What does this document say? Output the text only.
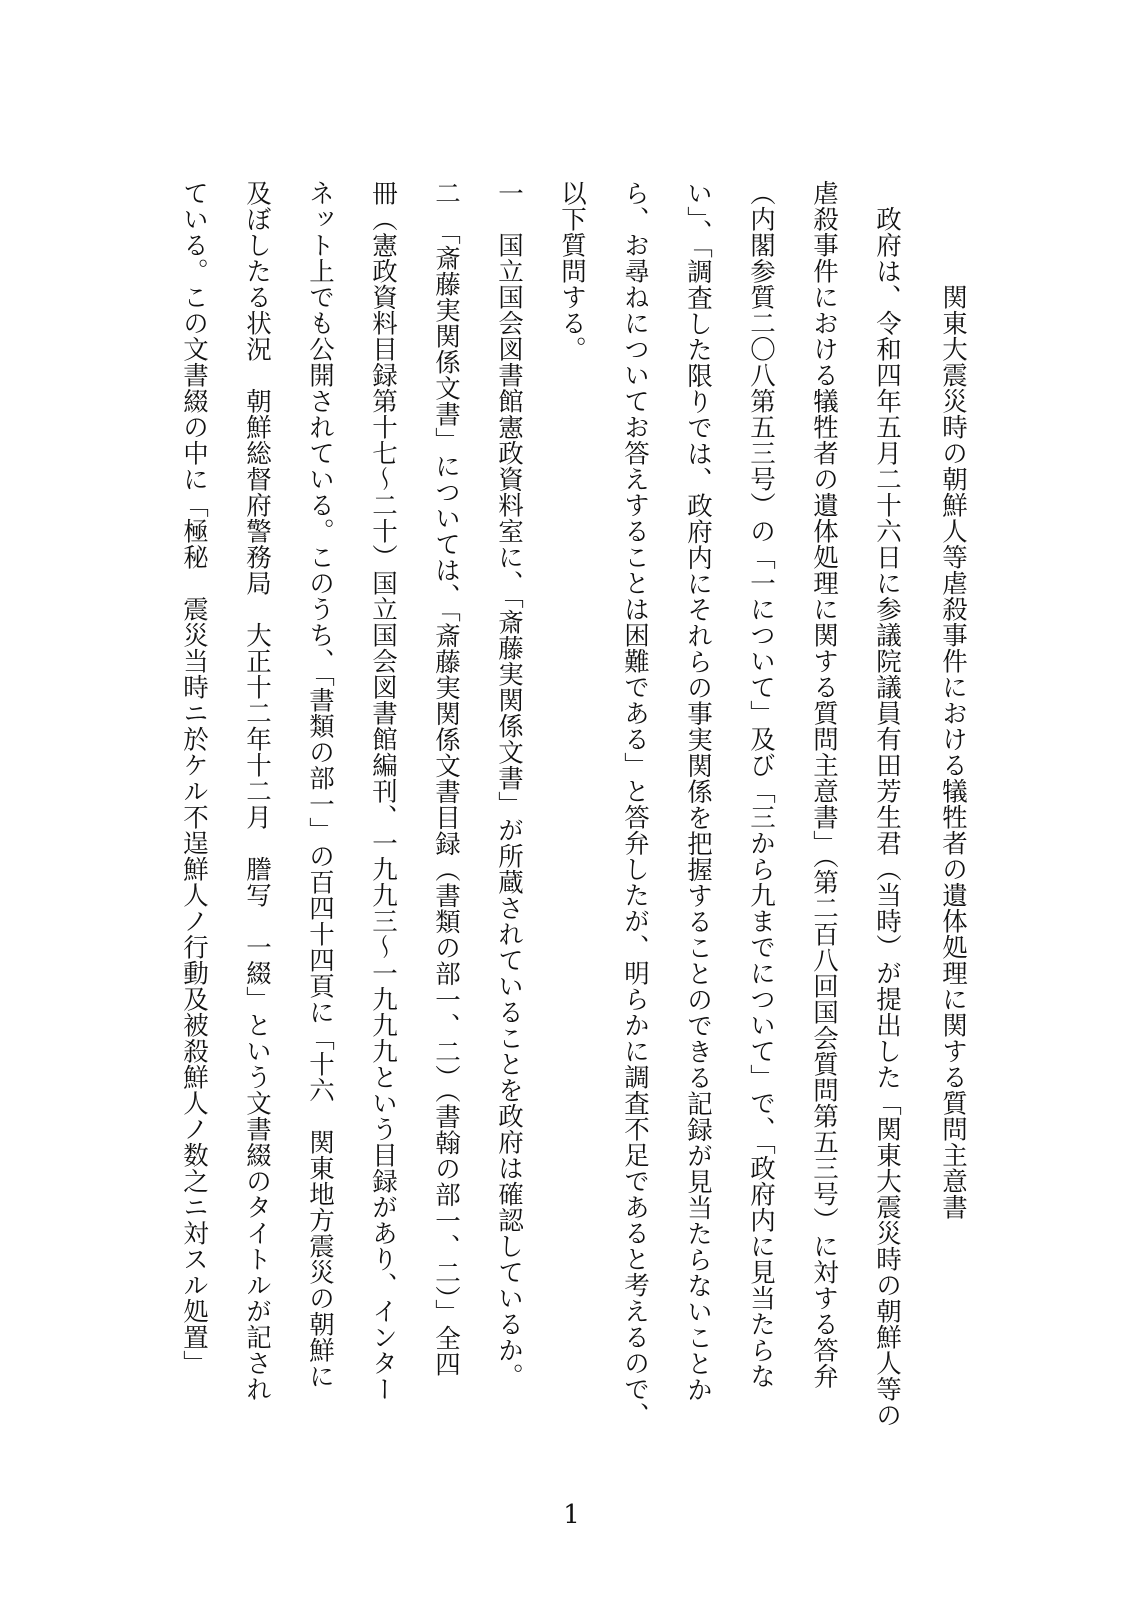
　関東大震災時の朝鮮人等虐殺事件における犠牲者の遺体処理に関する質問主意書
政府は、令和四年五月二十六日に参議院議員有田芳生君（当時）が提出した「関東大震災時の朝鮮人等の
虐殺事件における犠牲者の遺体処理に関する質問主意書」（第二百八回国会質問第五三号）に対する答弁
（内閣参質二〇八第五三号）の「一について」及び「三から九までについて」で、「政府内に見当たらな
い」、「調査した限りでは、政府内にそれらの事実関係を把握することのできる記録が見当たらないことか
ら、お尋ねについてお答えすることは困難である」と答弁したが、明らかに調査不足であると考えるので、
以下質問する。
一　国立国会図書館憲政資料室に、「斎藤実関係文書」が所蔵されていることを政府は確認しているか。
二　「斎藤実関係文書」については、「斎藤実関係文書目録（書類の部一、二）（書翰の部一、二）」全四
冊（憲政資料目録第十七～二十）国立国会図書館編刊、一九九三～一九九九という目録があり、インター
ネット上でも公開されている。このうち、「書類の部一」の百四十四頁に「十六　関東地方震災の朝鮮に
及ぼしたる状況　朝鮮総督府警務局　大正十二年十二月　謄写　一綴」という文書綴のタイトルが記され
ている。この文書綴の中に「極秘　震災当時ニ於ケル不逞鮮人ノ行動及被殺鮮人ノ数之ニ対スル処置」
1
